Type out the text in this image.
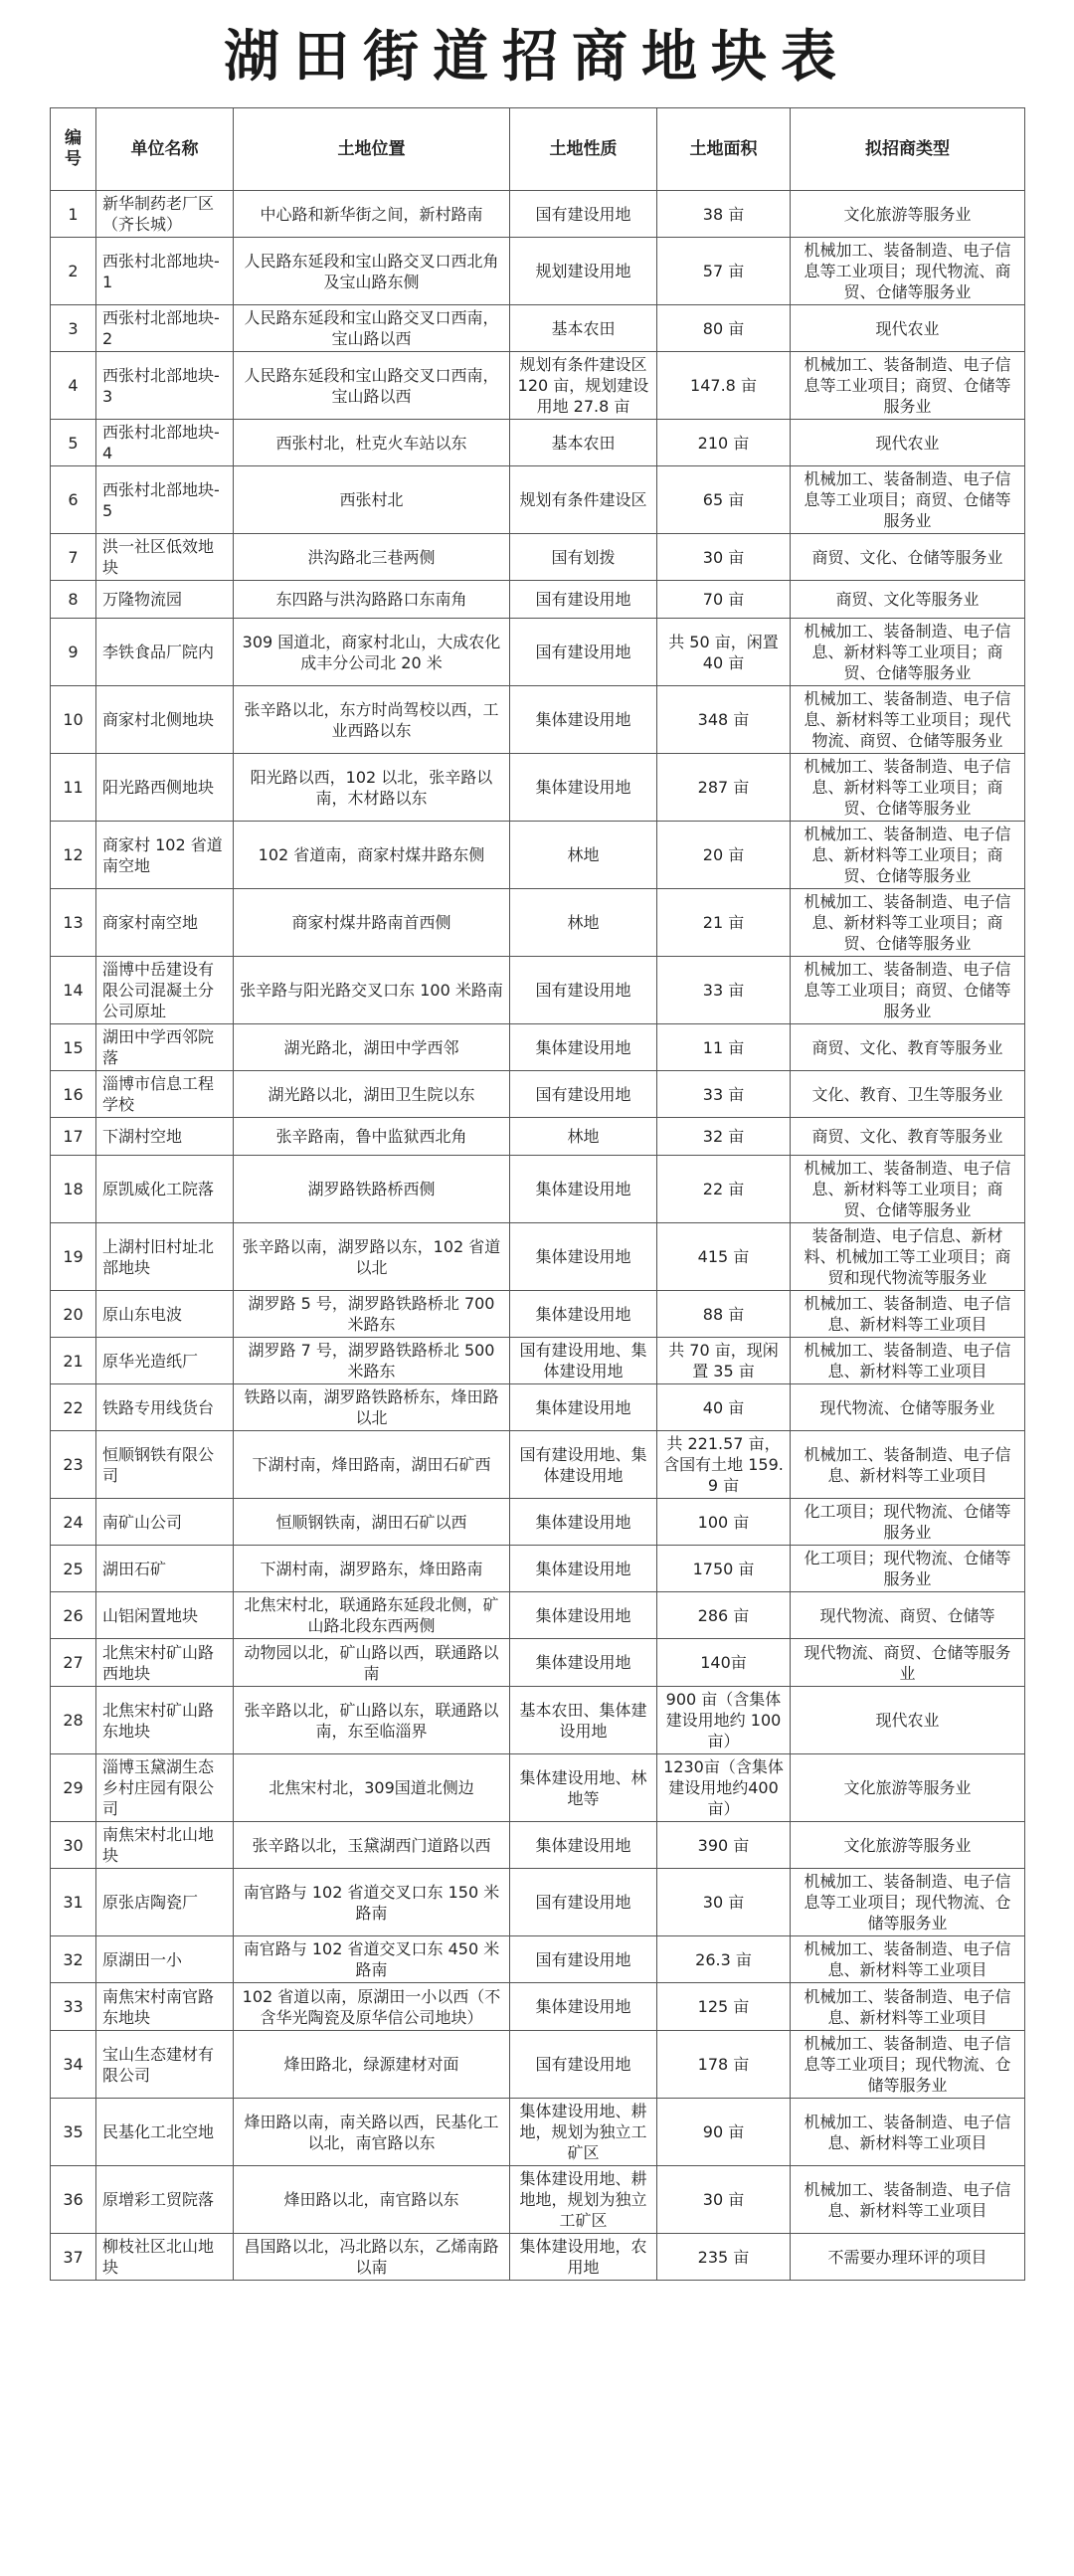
湖田街道招商地块表
编号	单位名称	土地位置	土地性质	土地面积	拟招商类型
1	新华制药老厂区（齐长城）	中心路和新华街之间，新村路南	国有建设用地	38 亩	文化旅游等服务业
2	西张村北部地块-1	人民路东延段和宝山路交叉口西北角及宝山路东侧	规划建设用地	57 亩	机械加工、装备制造、电子信息等工业项目；现代物流、商贸、仓储等服务业
3	西张村北部地块-2	人民路东延段和宝山路交叉口西南，宝山路以西	基本农田	80 亩	现代农业
4	西张村北部地块-3	人民路东延段和宝山路交叉口西南，宝山路以西	规划有条件建设区 120 亩，规划建设用地 27.8 亩	147.8 亩	机械加工、装备制造、电子信息等工业项目；商贸、仓储等服务业
5	西张村北部地块-4	西张村北，杜克火车站以东	基本农田	210 亩	现代农业
6	西张村北部地块-5	西张村北	规划有条件建设区	65 亩	机械加工、装备制造、电子信息等工业项目；商贸、仓储等服务业
7	洪一社区低效地块	洪沟路北三巷两侧	国有划拨	30 亩	商贸、文化、仓储等服务业
8	万隆物流园	东四路与洪沟路路口东南角	国有建设用地	70 亩	商贸、文化等服务业
9	李铁食品厂院内	309 国道北，商家村北山，大成农化成丰分公司北 20 米	国有建设用地	共 50 亩，闲置 40 亩	机械加工、装备制造、电子信息、新材料等工业项目；商贸、仓储等服务业
10	商家村北侧地块	张辛路以北，东方时尚驾校以西，工业西路以东	集体建设用地	348 亩	机械加工、装备制造、电子信息、新材料等工业项目；现代物流、商贸、仓储等服务业
11	阳光路西侧地块	阳光路以西，102 以北，张辛路以南，木材路以东	集体建设用地	287 亩	机械加工、装备制造、电子信息、新材料等工业项目；商贸、仓储等服务业
12	商家村 102 省道南空地	102 省道南，商家村煤井路东侧	林地	20 亩	机械加工、装备制造、电子信息、新材料等工业项目；商贸、仓储等服务业
13	商家村南空地	商家村煤井路南首西侧	林地	21 亩	机械加工、装备制造、电子信息、新材料等工业项目；商贸、仓储等服务业
14	淄博中岳建设有限公司混凝土分公司原址	张辛路与阳光路交叉口东 100 米路南	国有建设用地	33 亩	机械加工、装备制造、电子信息等工业项目；商贸、仓储等服务业
15	湖田中学西邻院落	湖光路北，湖田中学西邻	集体建设用地	11 亩	商贸、文化、教育等服务业
16	淄博市信息工程学校	湖光路以北，湖田卫生院以东	国有建设用地	33 亩	文化、教育、卫生等服务业
17	下湖村空地	张辛路南，鲁中监狱西北角	林地	32 亩	商贸、文化、教育等服务业
18	原凯威化工院落	湖罗路铁路桥西侧	集体建设用地	22 亩	机械加工、装备制造、电子信息、新材料等工业项目；商贸、仓储等服务业
19	上湖村旧村址北部地块	张辛路以南，湖罗路以东，102 省道以北	集体建设用地	415 亩	装备制造、电子信息、新材料、机械加工等工业项目；商贸和现代物流等服务业
20	原山东电波	湖罗路 5 号，湖罗路铁路桥北 700 米路东	集体建设用地	88 亩	机械加工、装备制造、电子信息、新材料等工业项目
21	原华光造纸厂	湖罗路 7 号，湖罗路铁路桥北 500 米路东	国有建设用地、集体建设用地	共 70 亩，现闲置 35 亩	机械加工、装备制造、电子信息、新材料等工业项目
22	铁路专用线货台	铁路以南，湖罗路铁路桥东，烽田路以北	集体建设用地	40 亩	现代物流、仓储等服务业
23	恒顺钢铁有限公司	下湖村南，烽田路南，湖田石矿西	国有建设用地、集体建设用地	共 221.57 亩，含国有土地 159.9 亩	机械加工、装备制造、电子信息、新材料等工业项目
24	南矿山公司	恒顺钢铁南，湖田石矿以西	集体建设用地	100 亩	化工项目；现代物流、仓储等服务业
25	湖田石矿	下湖村南，湖罗路东，烽田路南	集体建设用地	1750 亩	化工项目；现代物流、仓储等服务业
26	山铝闲置地块	北焦宋村北，联通路东延段北侧，矿山路北段东西两侧	集体建设用地	286 亩	现代物流、商贸、仓储等
27	北焦宋村矿山路西地块	动物园以北，矿山路以西，联通路以南	集体建设用地	140亩	现代物流、商贸、仓储等服务业
28	北焦宋村矿山路东地块	张辛路以北，矿山路以东，联通路以南，东至临淄界	基本农田、集体建设用地	900 亩（含集体建设用地约 100 亩）	现代农业
29	淄博玉黛湖生态乡村庄园有限公司	北焦宋村北，309国道北侧边	集体建设用地、林地等	1230亩（含集体建设用地约400亩）	文化旅游等服务业
30	南焦宋村北山地块	张辛路以北，玉黛湖西门道路以西	集体建设用地	390 亩	文化旅游等服务业
31	原张店陶瓷厂	南官路与 102 省道交叉口东 150 米路南	国有建设用地	30 亩	机械加工、装备制造、电子信息等工业项目；现代物流、仓储等服务业
32	原湖田一小	南官路与 102 省道交叉口东 450 米路南	国有建设用地	26.3 亩	机械加工、装备制造、电子信息、新材料等工业项目
33	南焦宋村南官路东地块	102 省道以南，原湖田一小以西（不含华光陶瓷及原华信公司地块）	集体建设用地	125 亩	机械加工、装备制造、电子信息、新材料等工业项目
34	宝山生态建材有限公司	烽田路北，绿源建材对面	国有建设用地	178 亩	机械加工、装备制造、电子信息等工业项目；现代物流、仓储等服务业
35	民基化工北空地	烽田路以南，南关路以西，民基化工以北，南官路以东	集体建设用地、耕地，规划为独立工矿区	90 亩	机械加工、装备制造、电子信息、新材料等工业项目
36	原增彩工贸院落	烽田路以北，南官路以东	集体建设用地、耕地地，规划为独立工矿区	30 亩	机械加工、装备制造、电子信息、新材料等工业项目
37	柳枝社区北山地块	昌国路以北，冯北路以东，乙烯南路以南	集体建设用地，农用地	235 亩	不需要办理环评的项目
